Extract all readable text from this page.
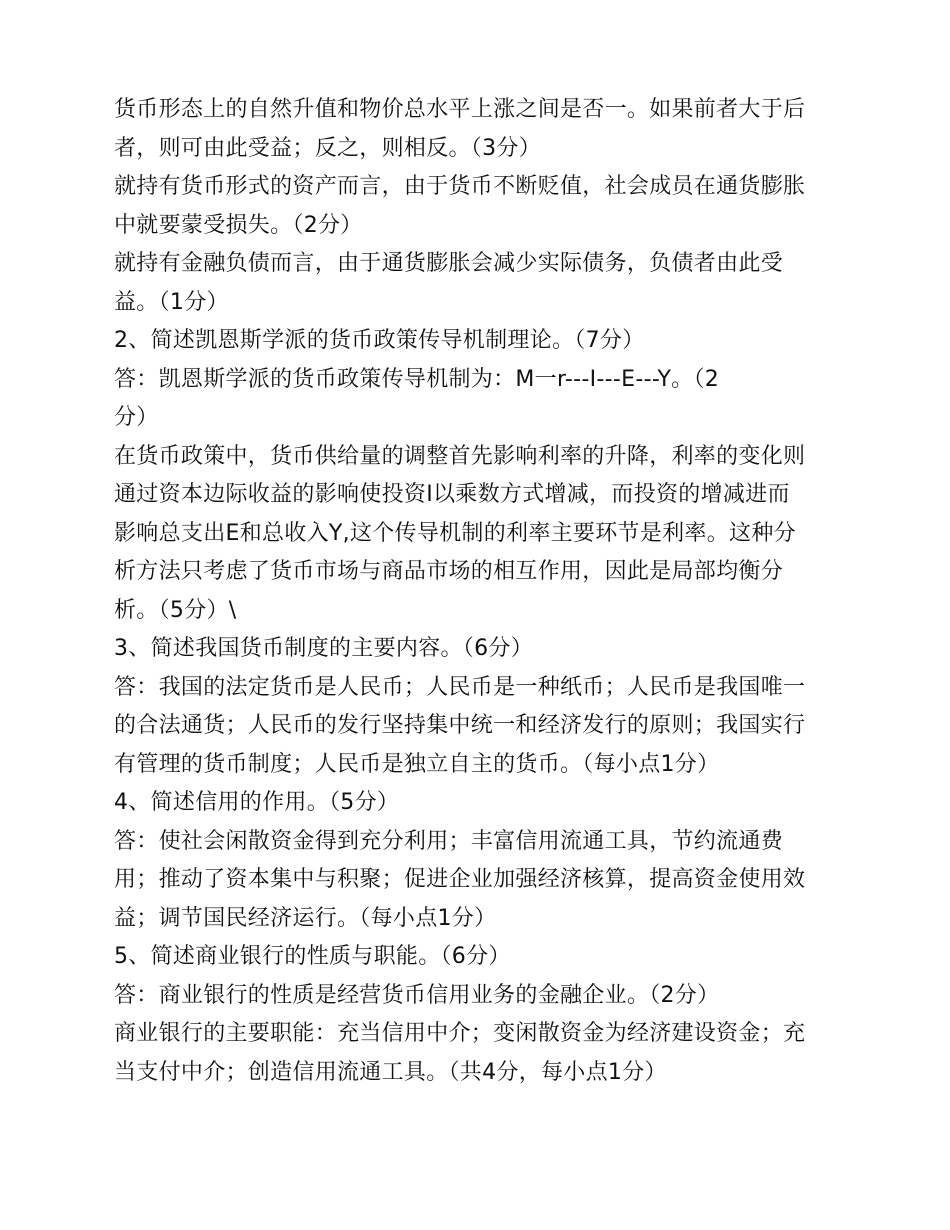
货币形态上的自然升值和物价总水平上涨之间是否一。如果前者大于后
者，则可由此受益；反之，则相反。（3分）
就持有货币形式的资产而言，由于货币不断贬值，社会成员在通货膨胀
中就要蒙受损失。（2分）
就持有金融负债而言，由于通货膨胀会减少实际债务，负债者由此受
益。（1分）
2、简述凯恩斯学派的货币政策传导机制理论。（7分）
答：凯恩斯学派的货币政策传导机制为：M一r---I---E---Y。（2
分）
在货币政策中，货币供给量的调整首先影响利率的升降，利率的变化则
通过资本边际收益的影响使投资I以乘数方式增减，而投资的增减进而
影响总支出E和总收入Y,这个传导机制的利率主要环节是利率。这种分
析方法只考虑了货币市场与商品市场的相互作用，因此是局部均衡分
析。（5分）\
3、简述我国货币制度的主要内容。（6分）
答：我国的法定货币是人民币；人民币是一种纸币；人民币是我国唯一
的合法通货；人民币的发行坚持集中统一和经济发行的原则；我国实行
有管理的货币制度；人民币是独立自主的货币。（每小点1分）
4、简述信用的作用。（5分）
答：使社会闲散资金得到充分利用；丰富信用流通工具，节约流通费
用；推动了资本集中与积聚；促进企业加强经济核算，提高资金使用效
益；调节国民经济运行。（每小点1分）
5、简述商业银行的性质与职能。（6分）
答：商业银行的性质是经营货币信用业务的金融企业。（2分）
商业银行的主要职能：充当信用中介；变闲散资金为经济建设资金；充
当支付中介；创造信用流通工具。（共4分，每小点1分）
